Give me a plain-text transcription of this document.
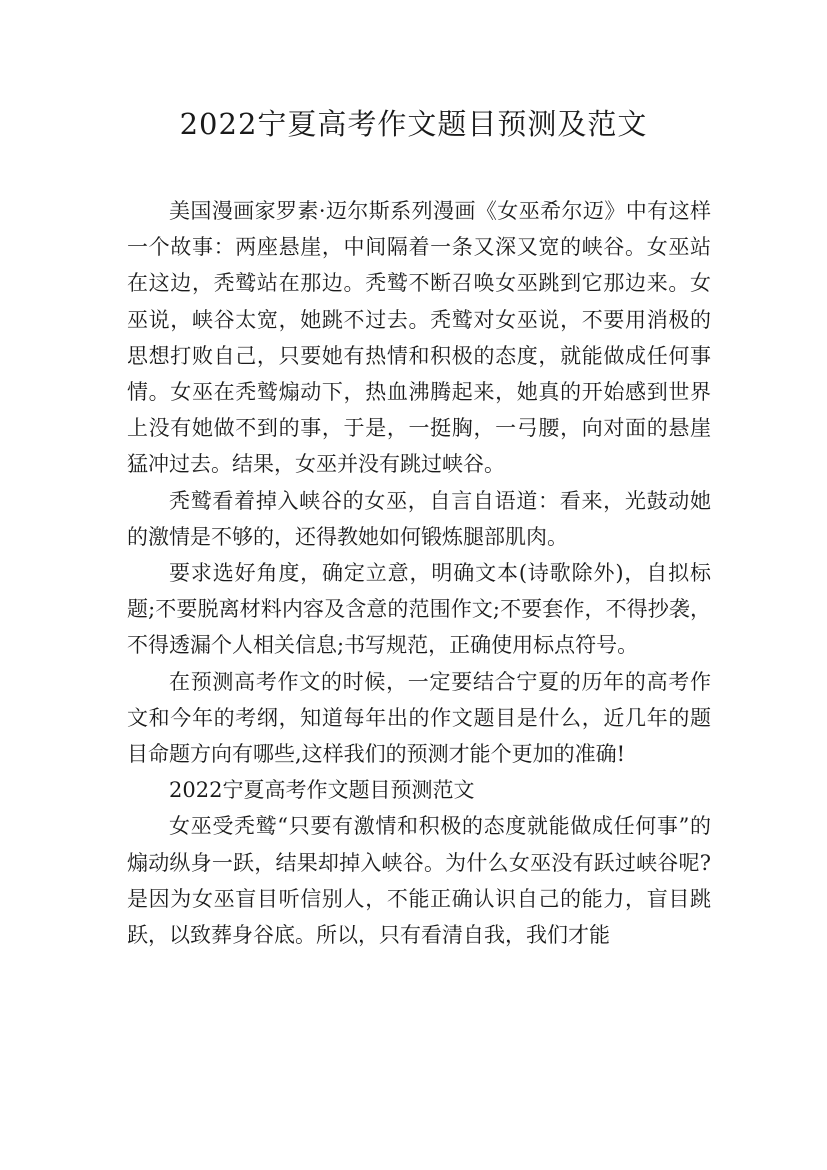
2022宁夏高考作文题目预测及范文

美国漫画家罗素·迈尔斯系列漫画《女巫希尔迈》中有这样一个故事：两座悬崖，中间隔着一条又深又宽的峡谷。女巫站在这边，秃鹫站在那边。秃鹫不断召唤女巫跳到它那边来。女巫说，峡谷太宽，她跳不过去。秃鹫对女巫说，不要用消极的思想打败自己，只要她有热情和积极的态度，就能做成任何事情。女巫在秃鹫煽动下，热血沸腾起来，她真的开始感到世界上没有她做不到的事，于是，一挺胸，一弓腰，向对面的悬崖猛冲过去。结果，女巫并没有跳过峡谷。

秃鹫看着掉入峡谷的女巫，自言自语道：看来，光鼓动她的激情是不够的，还得教她如何锻炼腿部肌肉。

要求选好角度，确定立意，明确文本(诗歌除外)，自拟标题;不要脱离材料内容及含意的范围作文;不要套作，不得抄袭，不得透漏个人相关信息;书写规范，正确使用标点符号。

在预测高考作文的时候，一定要结合宁夏的历年的高考作文和今年的考纲，知道每年出的作文题目是什么，近几年的题目命题方向有哪些,这样我们的预测才能个更加的准确!

2022宁夏高考作文题目预测范文

女巫受秃鹫“只要有激情和积极的态度就能做成任何事”的煽动纵身一跃，结果却掉入峡谷。为什么女巫没有跃过峡谷呢?是因为女巫盲目听信别人，不能正确认识自己的能力，盲目跳跃，以致葬身谷底。所以，只有看清自我，我们才能
